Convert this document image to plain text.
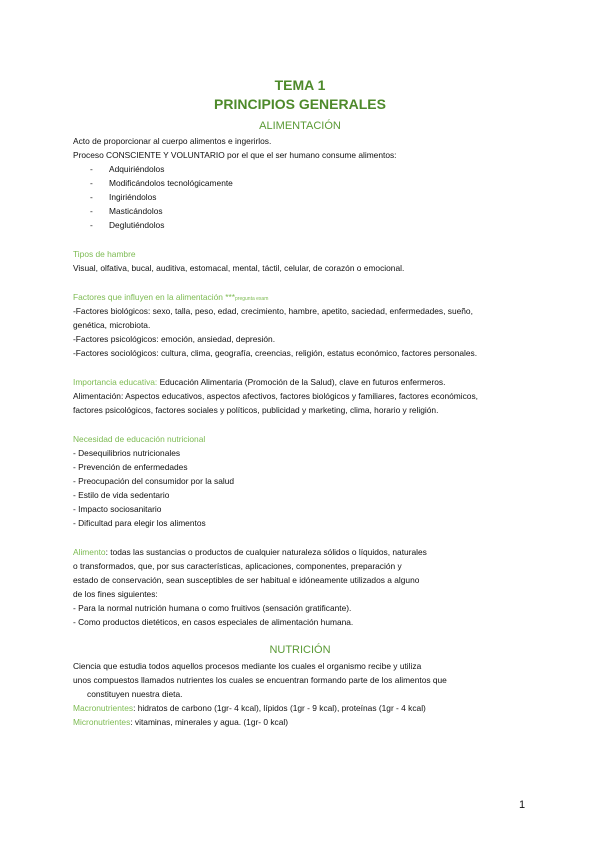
TEMA 1
PRINCIPIOS GENERALES
ALIMENTACIÓN
Acto de proporcionar al cuerpo alimentos e ingerirlos.
Proceso CONSCIENTE Y VOLUNTARIO por el que el ser humano consume alimentos:
- Adquiriéndolos
- Modificándolos tecnológicamente
- Ingiriéndolos
- Masticándolos
- Deglutiéndolos
Tipos de hambre
Visual, olfativa, bucal, auditiva, estomacal, mental, táctil, celular, de corazón o emocional.
Factores que influyen en la alimentación ***pregunta exam
-Factores biológicos: sexo, talla, peso, edad, crecimiento, hambre, apetito, saciedad, enfermedades, sueño,
genética, microbiota.
-Factores psicológicos: emoción, ansiedad, depresión.
-Factores sociológicos: cultura, clima, geografía, creencias, religión, estatus económico, factores personales.
Importancia educativa: Educación Alimentaria (Promoción de la Salud), clave en futuros enfermeros.
Alimentación: Aspectos educativos, aspectos afectivos, factores biológicos y familiares, factores económicos,
factores psicológicos, factores sociales y políticos, publicidad y marketing, clima, horario y religión.
Necesidad de educación nutricional
- Desequilibrios nutricionales
- Prevención de enfermedades
- Preocupación del consumidor por la salud
- Estilo de vida sedentario
- Impacto sociosanitario
- Dificultad para elegir los alimentos
Alimento: todas las sustancias o productos de cualquier naturaleza sólidos o líquidos, naturales
o transformados, que, por sus características, aplicaciones, componentes, preparación y
estado de conservación, sean susceptibles de ser habitual e idóneamente utilizados a alguno
de los fines siguientes:
- Para la normal nutrición humana o como fruitivos (sensación gratificante).
- Como productos dietéticos, en casos especiales de alimentación humana.
NUTRICIÓN
Ciencia que estudia todos aquellos procesos mediante los cuales el organismo recibe y utiliza
unos compuestos llamados nutrientes los cuales se encuentran formando parte de los alimentos que
constituyen nuestra dieta.
Macronutrientes: hidratos de carbono (1gr- 4 kcal), lípidos (1gr - 9 kcal), proteínas (1gr - 4 kcal)
Micronutrientes: vitaminas, minerales y agua. (1gr- 0 kcal)
1
